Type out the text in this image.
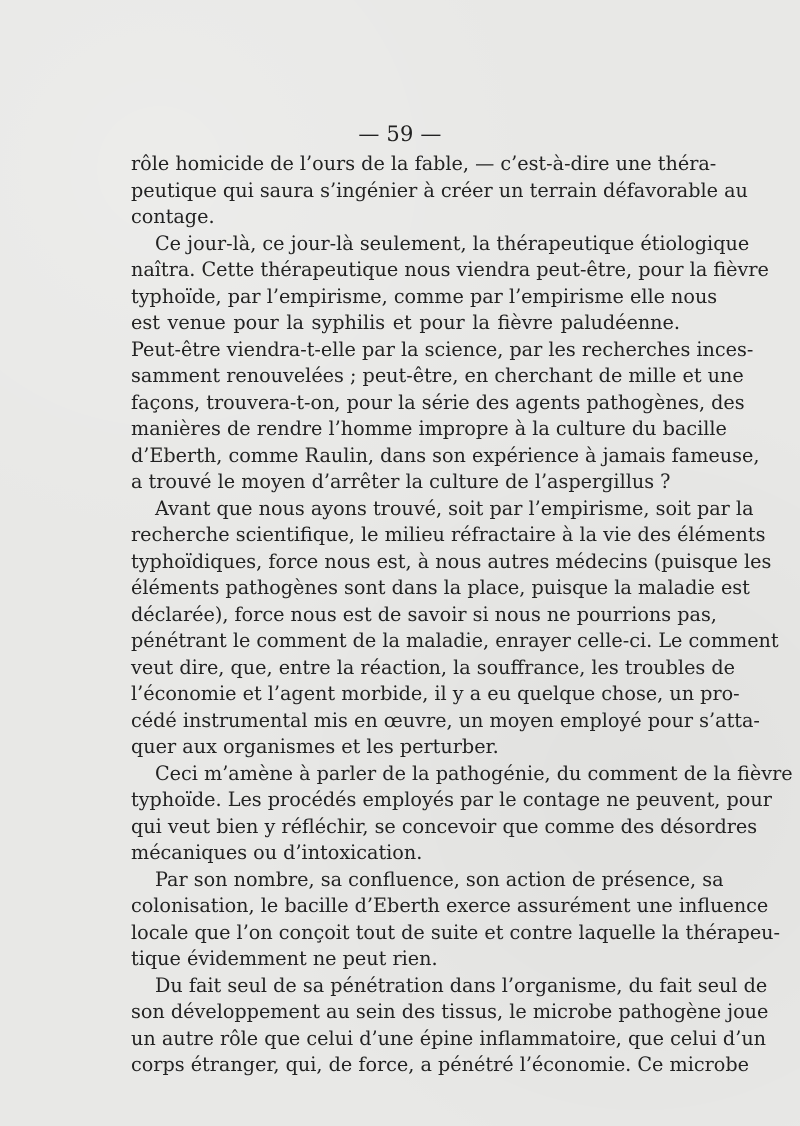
— 59 —
rôle homicide de l’ours de la fable, — c’est-à-dire une théra-
peutique qui saura s’ingénier à créer un terrain défavorable au
contage.
Ce jour-là, ce jour-là seulement, la thérapeutique étiologique
naîtra. Cette thérapeutique nous viendra peut-être, pour la fièvre
typhoïde, par l’empirisme, comme par l’empirisme elle nous
est venue pour la syphilis et pour la fièvre paludéenne.
Peut-être viendra-t-elle par la science, par les recherches inces-
samment renouvelées ; peut-être, en cherchant de mille et une
façons, trouvera-t-on, pour la série des agents pathogènes, des
manières de rendre l’homme impropre à la culture du bacille
d’Eberth, comme Raulin, dans son expérience à jamais fameuse,
a trouvé le moyen d’arrêter la culture de l’aspergillus ?
Avant que nous ayons trouvé, soit par l’empirisme, soit par la
recherche scientifique, le milieu réfractaire à la vie des éléments
typhoïdiques, force nous est, à nous autres médecins (puisque les
éléments pathogènes sont dans la place, puisque la maladie est
déclarée), force nous est de savoir si nous ne pourrions pas,
pénétrant le comment de la maladie, enrayer celle-ci. Le comment
veut dire, que, entre la réaction, la souffrance, les troubles de
l’économie et l’agent morbide, il y a eu quelque chose, un pro-
cédé instrumental mis en œuvre, un moyen employé pour s’atta-
quer aux organismes et les perturber.
Ceci m’amène à parler de la pathogénie, du comment de la fièvre
typhoïde. Les procédés employés par le contage ne peuvent, pour
qui veut bien y réfléchir, se concevoir que comme des désordres
mécaniques ou d’intoxication.
Par son nombre, sa confluence, son action de présence, sa
colonisation, le bacille d’Eberth exerce assurément une influence
locale que l’on conçoit tout de suite et contre laquelle la thérapeu-
tique évidemment ne peut rien.
Du fait seul de sa pénétration dans l’organisme, du fait seul de
son développement au sein des tissus, le microbe pathogène joue
un autre rôle que celui d’une épine inflammatoire, que celui d’un
corps étranger, qui, de force, a pénétré l’économie. Ce microbe
